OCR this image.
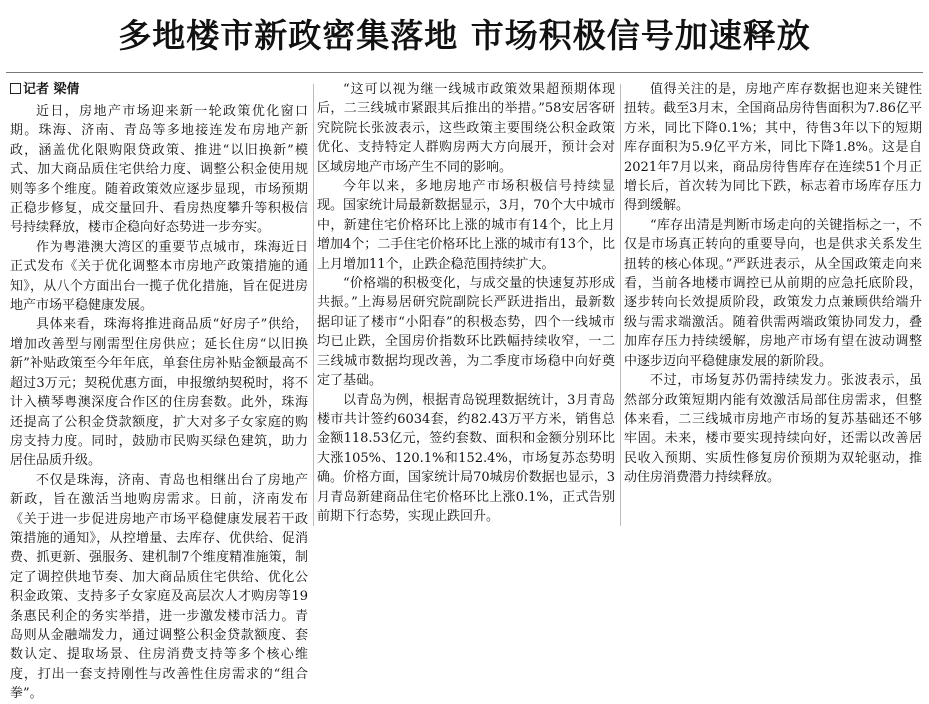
多地楼市新政密集落地 市场积极信号加速释放

记者 梁倩

近日，房地产市场迎来新一轮政策优化窗口期。珠海、济南、青岛等多地接连发布房地产新政，涵盖优化限购限贷政策、推进“以旧换新”模式、加大商品质住宅供给力度、调整公积金使用规则等多个维度。随着政策效应逐步显现，市场预期正稳步修复，成交量回升、看房热度攀升等积极信号持续释放，楼市企稳向好态势进一步夯实。

作为粤港澳大湾区的重要节点城市，珠海近日正式发布《关于优化调整本市房地产政策措施的通知》，从八个方面出台一揽子优化措施，旨在促进房地产市场平稳健康发展。

具体来看，珠海将推进商品质“好房子”供给，增加改善型与刚需型住房供应；延长住房“以旧换新”补贴政策至今年年底，单套住房补贴金额最高不超过3万元；契税优惠方面，申报缴纳契税时，将不计入横琴粤澳深度合作区的住房套数。此外，珠海还提高了公积金贷款额度，扩大对多子女家庭的购房支持力度。同时，鼓励市民购买绿色建筑，助力居住品质升级。

不仅是珠海，济南、青岛也相继出台了房地产新政，旨在激活当地购房需求。日前，济南发布《关于进一步促进房地产市场平稳健康发展若干政策措施的通知》，从控增量、去库存、优供给、促消费、抓更新、强服务、建机制7个维度精准施策，制定了调控供地节奏、加大商品质住宅供给、优化公积金政策、支持多子女家庭及高层次人才购房等19条惠民利企的务实举措，进一步激发楼市活力。青岛则从金融端发力，通过调整公积金贷款额度、套数认定、提取场景、住房消费支持等多个核心维度，打出一套支持刚性与改善性住房需求的“组合拳”。

“这可以视为继一线城市政策效果超预期体现后，二三线城市紧跟其后推出的举措。”58安居客研究院院长张波表示，这些政策主要围绕公积金政策优化、支持特定人群购房两大方向展开，预计会对区域房地产市场产生不同的影响。

今年以来，多地房地产市场积极信号持续显现。国家统计局最新数据显示，3月，70个大中城市中，新建住宅价格环比上涨的城市有14个，比上月增加4个；二手住宅价格环比上涨的城市有13个，比上月增加11个，止跌企稳范围持续扩大。

“价格端的积极变化，与成交量的快速复苏形成共振。”上海易居研究院副院长严跃进指出，最新数据印证了楼市“小阳春”的积极态势，四个一线城市均已止跌，全国房价指数环比跌幅持续收窄，一二三线城市数据均现改善，为二季度市场稳中向好奠定了基础。

以青岛为例，根据青岛锐理数据统计，3月青岛楼市共计签约6034套，约82.43万平方米，销售总金额118.53亿元，签约套数、面积和金额分别环比大涨105%、120.1%和152.4%，市场复苏态势明确。价格方面，国家统计局70城房价数据也显示，3月青岛新建商品住宅价格环比上涨0.1%，正式告别前期下行态势，实现止跌回升。

值得关注的是，房地产库存数据也迎来关键性扭转。截至3月末，全国商品房待售面积为7.86亿平方米，同比下降0.1%；其中，待售3年以下的短期库存面积为5.9亿平方米，同比下降1.8%。这是自2021年7月以来，商品房待售库存在连续51个月正增长后，首次转为同比下跌，标志着市场库存压力得到缓解。

“库存出清是判断市场走向的关键指标之一，不仅是市场真正转向的重要导向，也是供求关系发生扭转的核心体现。”严跃进表示，从全国政策走向来看，当前各地楼市调控已从前期的应急托底阶段，逐步转向长效提质阶段，政策发力点兼顾供给端升级与需求端激活。随着供需两端政策协同发力，叠加库存压力持续缓解，房地产市场有望在波动调整中逐步迈向平稳健康发展的新阶段。

不过，市场复苏仍需持续发力。张波表示，虽然部分政策短期内能有效激活局部住房需求，但整体来看，二三线城市房地产市场的复苏基础还不够牢固。未来，楼市要实现持续向好，还需以改善居民收入预期、实质性修复房价预期为双轮驱动，推动住房消费潜力持续释放。
